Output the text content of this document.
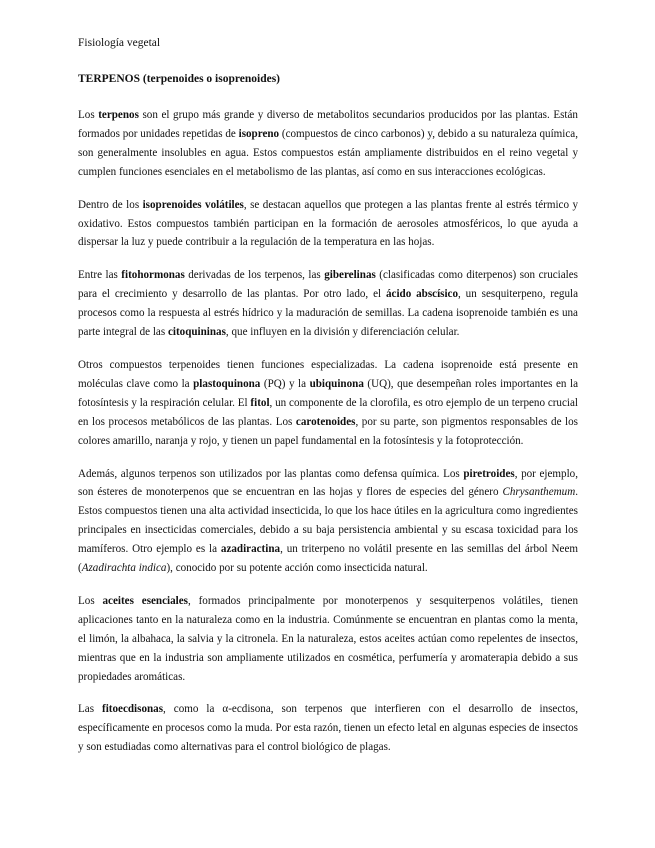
Fisiología vegetal
TERPENOS (terpenoides o isoprenoides)

Los terpenos son el grupo más grande y diverso de metabolitos secundarios producidos por las plantas. Están formados por unidades repetidas de isopreno (compuestos de cinco carbonos) y, debido a su naturaleza química, son generalmente insolubles en agua. Estos compuestos están ampliamente distribuidos en el reino vegetal y cumplen funciones esenciales en el metabolismo de las plantas, así como en sus interacciones ecológicas.

Dentro de los isoprenoides volátiles, se destacan aquellos que protegen a las plantas frente al estrés térmico y oxidativo. Estos compuestos también participan en la formación de aerosoles atmosféricos, lo que ayuda a dispersar la luz y puede contribuir a la regulación de la temperatura en las hojas.

Entre las fitohormonas derivadas de los terpenos, las giberelinas (clasificadas como diterpenos) son cruciales para el crecimiento y desarrollo de las plantas. Por otro lado, el ácido abscísico, un sesquiterpeno, regula procesos como la respuesta al estrés hídrico y la maduración de semillas. La cadena isoprenoide también es una parte integral de las citoquininas, que influyen en la división y diferenciación celular.

Otros compuestos terpenoides tienen funciones especializadas. La cadena isoprenoide está presente en moléculas clave como la plastoquinona (PQ) y la ubiquinona (UQ), que desempeñan roles importantes en la fotosíntesis y la respiración celular. El fitol, un componente de la clorofila, es otro ejemplo de un terpeno crucial en los procesos metabólicos de las plantas. Los carotenoides, por su parte, son pigmentos responsables de los colores amarillo, naranja y rojo, y tienen un papel fundamental en la fotosíntesis y la fotoprotección.

Además, algunos terpenos son utilizados por las plantas como defensa química. Los piretroides, por ejemplo, son ésteres de monoterpenos que se encuentran en las hojas y flores de especies del género Chrysanthemum. Estos compuestos tienen una alta actividad insecticida, lo que los hace útiles en la agricultura como ingredientes principales en insecticidas comerciales, debido a su baja persistencia ambiental y su escasa toxicidad para los mamíferos. Otro ejemplo es la azadiractina, un triterpeno no volátil presente en las semillas del árbol Neem (Azadirachta indica), conocido por su potente acción como insecticida natural.

Los aceites esenciales, formados principalmente por monoterpenos y sesquiterpenos volátiles, tienen aplicaciones tanto en la naturaleza como en la industria. Comúnmente se encuentran en plantas como la menta, el limón, la albahaca, la salvia y la citronela. En la naturaleza, estos aceites actúan como repelentes de insectos, mientras que en la industria son ampliamente utilizados en cosmética, perfumería y aromaterapia debido a sus propiedades aromáticas.

Las fitoecdisonas, como la α-ecdisona, son terpenos que interfieren con el desarrollo de insectos, específicamente en procesos como la muda. Por esta razón, tienen un efecto letal en algunas especies de insectos y son estudiadas como alternativas para el control biológico de plagas.
